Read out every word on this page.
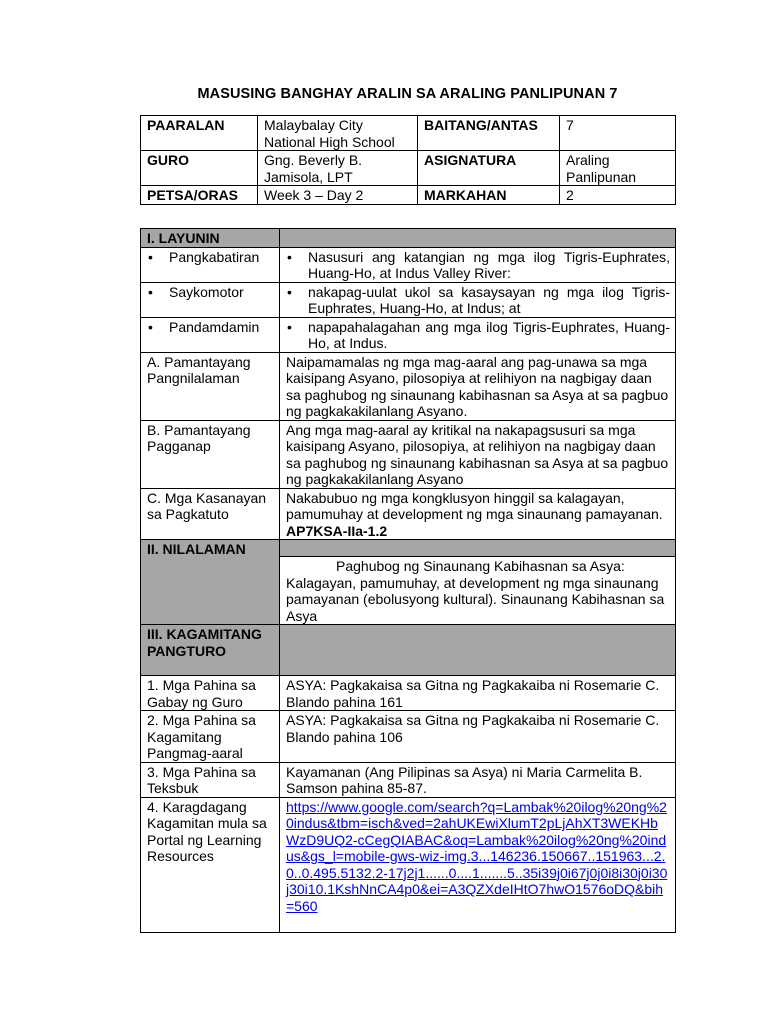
MASUSING BANGHAY ARALIN SA ARALING PANLIPUNAN 7
PAARALAN	Malaybalay City National High School	BAITANG/ANTAS	7
GURO	Gng. Beverly B. Jamisola, LPT	ASIGNATURA	Araling Panlipunan
PETSA/ORAS	Week 3 – Day 2	MARKAHAN	2
I. LAYUNIN	
• Pangkabatiran	• Nasusuri ang katangian ng mga ilog Tigris-Euphrates, Huang-Ho, at Indus Valley River:
• Saykomotor	• nakapag-uulat ukol sa kasaysayan ng mga ilog Tigris-Euphrates, Huang-Ho, at Indus; at
• Pandamdamin	• napapahalagahan ang mga ilog Tigris-Euphrates, Huang-Ho, at Indus.
A. Pamantayang Pangnilalaman	Naipamamalas ng mga mag-aaral ang pag-unawa sa mga kaisipang Asyano, pilosopiya at relihiyon na nagbigay daan sa paghubog ng sinaunang kabihasnan sa Asya at sa pagbuo ng pagkakakilanlang Asyano.
B. Pamantayang Pagganap	Ang mga mag-aaral ay kritikal na nakapagsusuri sa mga kaisipang Asyano, pilosopiya, at relihiyon na nagbigay daan sa paghubog ng sinaunang kabihasnan sa Asya at sa pagbuo ng pagkakakilanlang Asyano
C. Mga Kasanayan sa Pagkatuto	Nakabubuo ng mga kongklusyon hinggil sa kalagayan, pamumuhay at development ng mga sinaunang pamayanan. AP7KSA-IIa-1.2
II. NILALAMAN	
	Paghubog ng Sinaunang Kabihasnan sa Asya: Kalagayan, pamumuhay, at development ng mga sinaunang pamayanan (ebolusyong kultural). Sinaunang Kabihasnan sa Asya
III. KAGAMITANG PANGTURO	
1. Mga Pahina sa Gabay ng Guro	ASYA: Pagkakaisa sa Gitna ng Pagkakaiba ni Rosemarie C. Blando pahina 161
2. Mga Pahina sa Kagamitang Pangmag-aaral	ASYA: Pagkakaisa sa Gitna ng Pagkakaiba ni Rosemarie C. Blando pahina 106
3. Mga Pahina sa Teksbuk	Kayamanan (Ang Pilipinas sa Asya) ni Maria Carmelita B. Samson pahina 85-87.
4. Karagdagang Kagamitan mula sa Portal ng Learning Resources	https://www.google.com/search?q=Lambak%20ilog%20ng%20indus&tbm=isch&ved=2ahUKEwiXlumT2pLjAhXT3WEKHbWzD9UQ2-cCegQIABAC&oq=Lambak%20ilog%20ng%20indus&gs_l=mobile-gws-wiz-img.3...146236.150667..151963...2.0..0.495.5132.2-17j2j1......0....1.......5..35i39j0i67j0j0i8i30j0i30j30i10.1KshNnCA4p0&ei=A3QZXdeIHtO7hwO1576oDQ&bih=560
